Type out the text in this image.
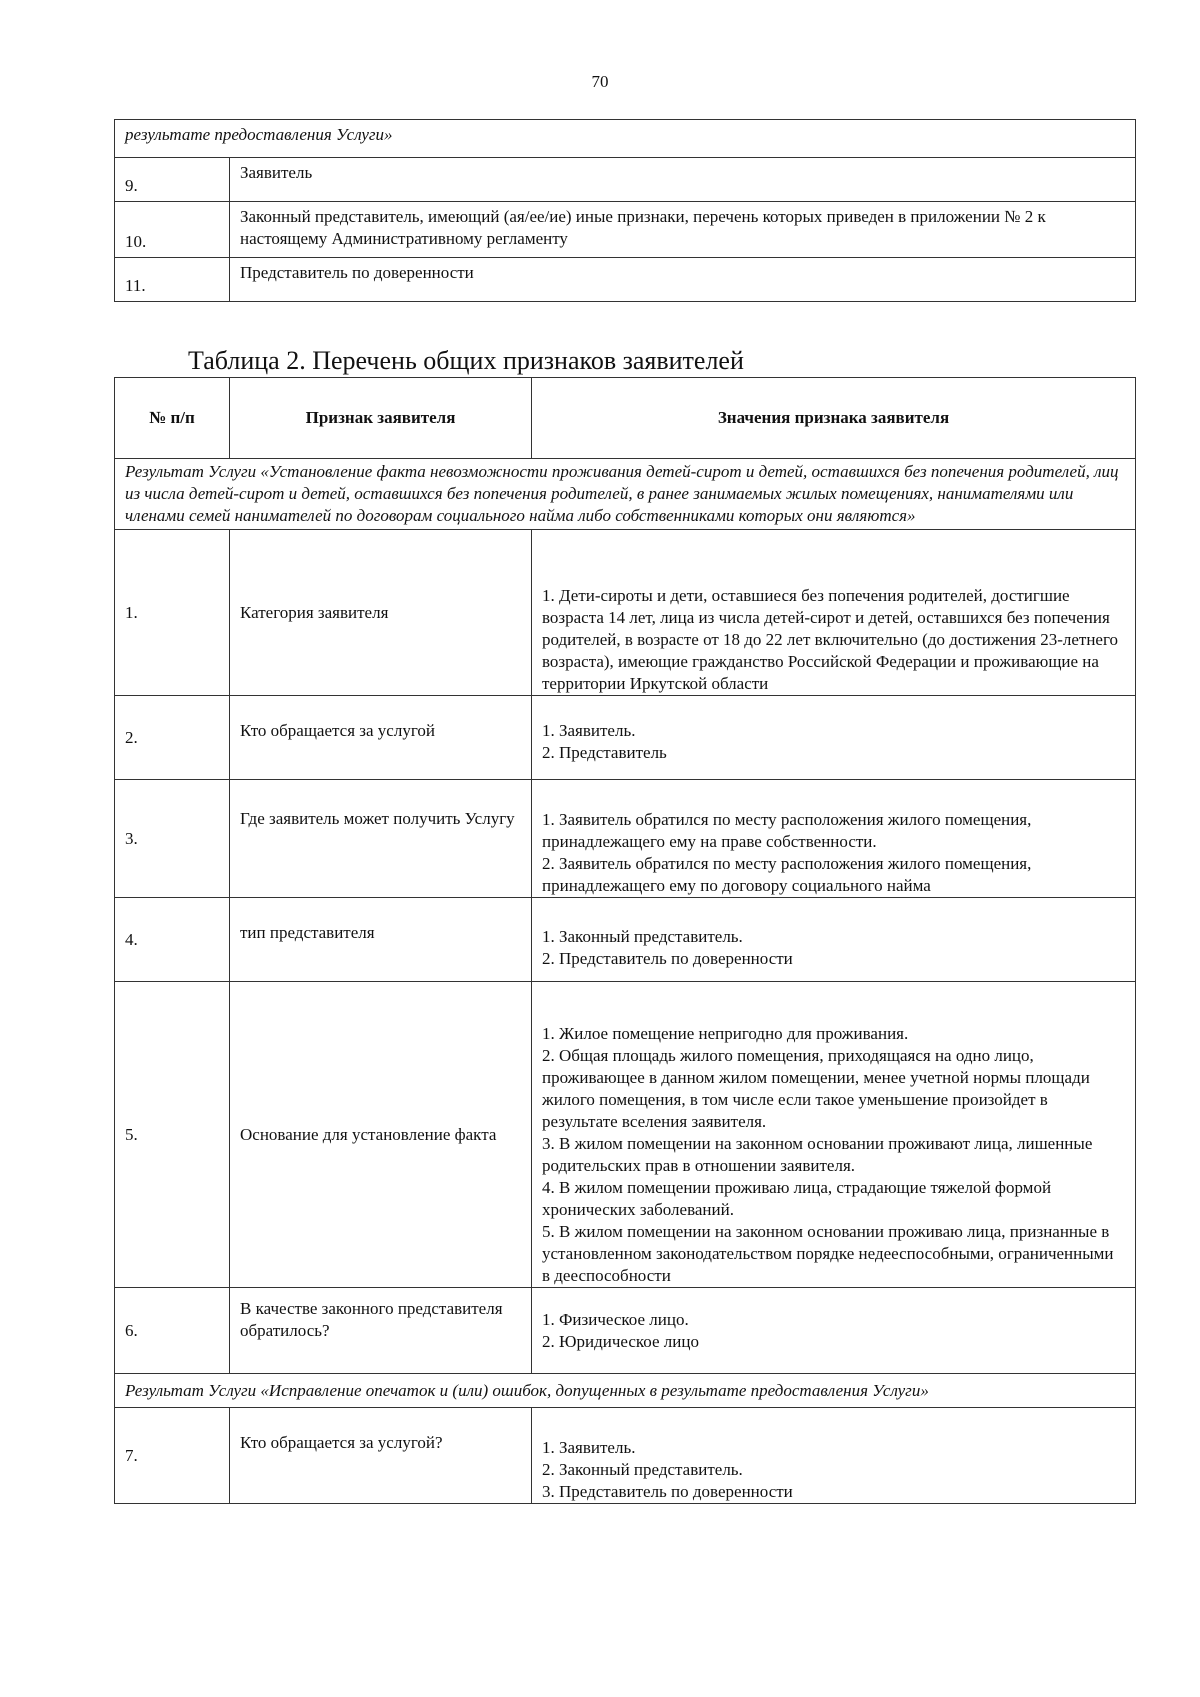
70
результате предоставления Услуги»	
9.	Заявитель
10.	Законный представитель, имеющий (ая/ее/ие) иные признаки, перечень которых приведен в приложении № 2 к настоящему Административному регламенту
11.	Представитель по доверенности
Таблица 2. Перечень общих признаков заявителей
№ п/п	Признак заявителя	Значения признака заявителя
Результат Услуги «Установление факта невозможности проживания детей-сирот и детей, оставшихся без попечения родителей, лиц из числа детей-сирот и детей, оставшихся без попечения родителей, в ранее занимаемых жилых помещениях, нанимателями или членами семей нанимателей по договорам социального найма либо собственниками которых они являются»		
1.	Категория заявителя	1. Дети-сироты и дети, оставшиеся без попечения родителей, достигшие возраста 14 лет, лица из числа детей-сирот и детей, оставшихся без попечения родителей, в возрасте от 18 до 22 лет включительно (до достижения 23-летнего возраста), имеющие гражданство Российской Федерации и проживающие на территории Иркутской области

2.	Кто обращается за услугой	1. Заявитель.
2. Представитель

3.	Где заявитель может получить Услугу	1. Заявитель обратился по месту расположения жилого помещения, принадлежащего ему на праве собственности.
2. Заявитель обратился по месту расположения жилого помещения, принадлежащего ему по договору социального найма

4.	тип представителя	1. Законный представитель.
2. Представитель по доверенности

5.	Основание для установление факта	1. Жилое помещение непригодно для проживания.
2. Общая площадь жилого помещения, приходящаяся на одно лицо, проживающее в данном жилом помещении, менее учетной нормы площади жилого помещения, в том числе если такое уменьшение произойдет в результате вселения заявителя.
3. В жилом помещении на законном основании проживают лица, лишенные родительских прав в отношении заявителя.
4. В жилом помещении проживаю лица, страдающие тяжелой формой хронических заболеваний.
5. В жилом помещении на законном основании проживаю лица, признанные в установленном законодательством порядке недееспособными, ограниченными в дееспособности

6.	В качестве законного представителя обратилось?	1. Физическое лицо.
2. Юридическое лицо

Результат Услуги «Исправление опечаток и (или) ошибок, допущенных в результате предоставления Услуги»		
7.	Кто обращается за услугой?	1. Заявитель.
2. Законный представитель.
3. Представитель по доверенности
